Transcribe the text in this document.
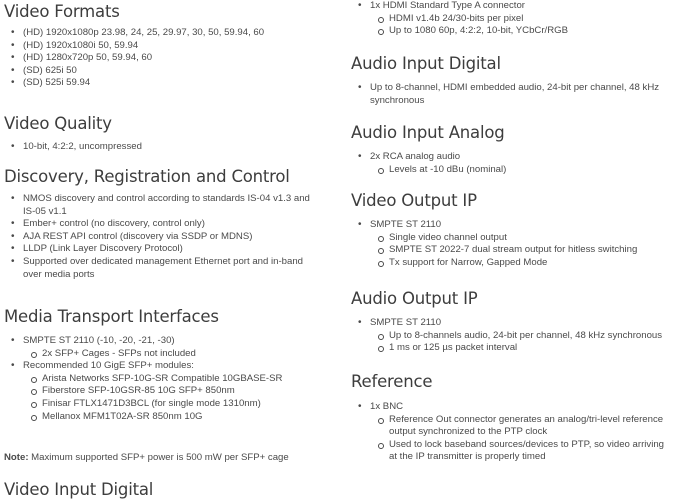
Video Formats
• (HD) 1920x1080p 23.98, 24, 25, 29.97, 30, 50, 59.94, 60
• (HD) 1920x1080i 50, 59.94
• (HD) 1280x720p 50, 59.94, 60
• (SD) 625i 50
• (SD) 525i 59.94
Video Quality
• 10-bit, 4:2:2, uncompressed
Discovery, Registration and Control
• NMOS discovery and control according to standards IS-04 v1.3 and IS-05 v1.1
• Ember+ control (no discovery, control only)
• AJA REST API control (discovery via SSDP or MDNS)
• LLDP (Link Layer Discovery Protocol)
• Supported over dedicated management Ethernet port and in-band over media ports
Media Transport Interfaces
• SMPTE ST 2110 (-10, -20, -21, -30)
2x SFP+ Cages - SFPs not included
• Recommended 10 GigE SFP+ modules:
Arista Networks SFP-10G-SR Compatible 10GBASE-SR
Fiberstore SFP-10GSR-85 10G SFP+ 850nm
Finisar FTLX1471D3BCL (for single mode 1310nm)
Mellanox MFM1T02A-SR 850nm 10G

Note: Maximum supported SFP+ power is 500 mW per SFP+ cage

Video Input Digital
• 1x HDMI Standard Type A connector
HDMI v1.4b 24/30-bits per pixel
Up to 1080 60p, 4:2:2, 10-bit, YCbCr/RGB
Audio Input Digital
• Up to 8-channel, HDMI embedded audio, 24-bit per channel, 48 kHz synchronous
Audio Input Analog
• 2x RCA analog audio
Levels at -10 dBu (nominal)
Video Output IP
• SMPTE ST 2110
Single video channel output
SMPTE ST 2022-7 dual stream output for hitless switching
Tx support for Narrow, Gapped Mode
Audio Output IP
• SMPTE ST 2110
Up to 8-channels audio, 24-bit per channel, 48 kHz synchronous
1 ms or 125 µs packet interval
Reference
• 1x BNC
Reference Out connector generates an analog/tri-level reference output synchronized to the PTP clock
Used to lock baseband sources/devices to PTP, so video arriving at the IP transmitter is properly timed
